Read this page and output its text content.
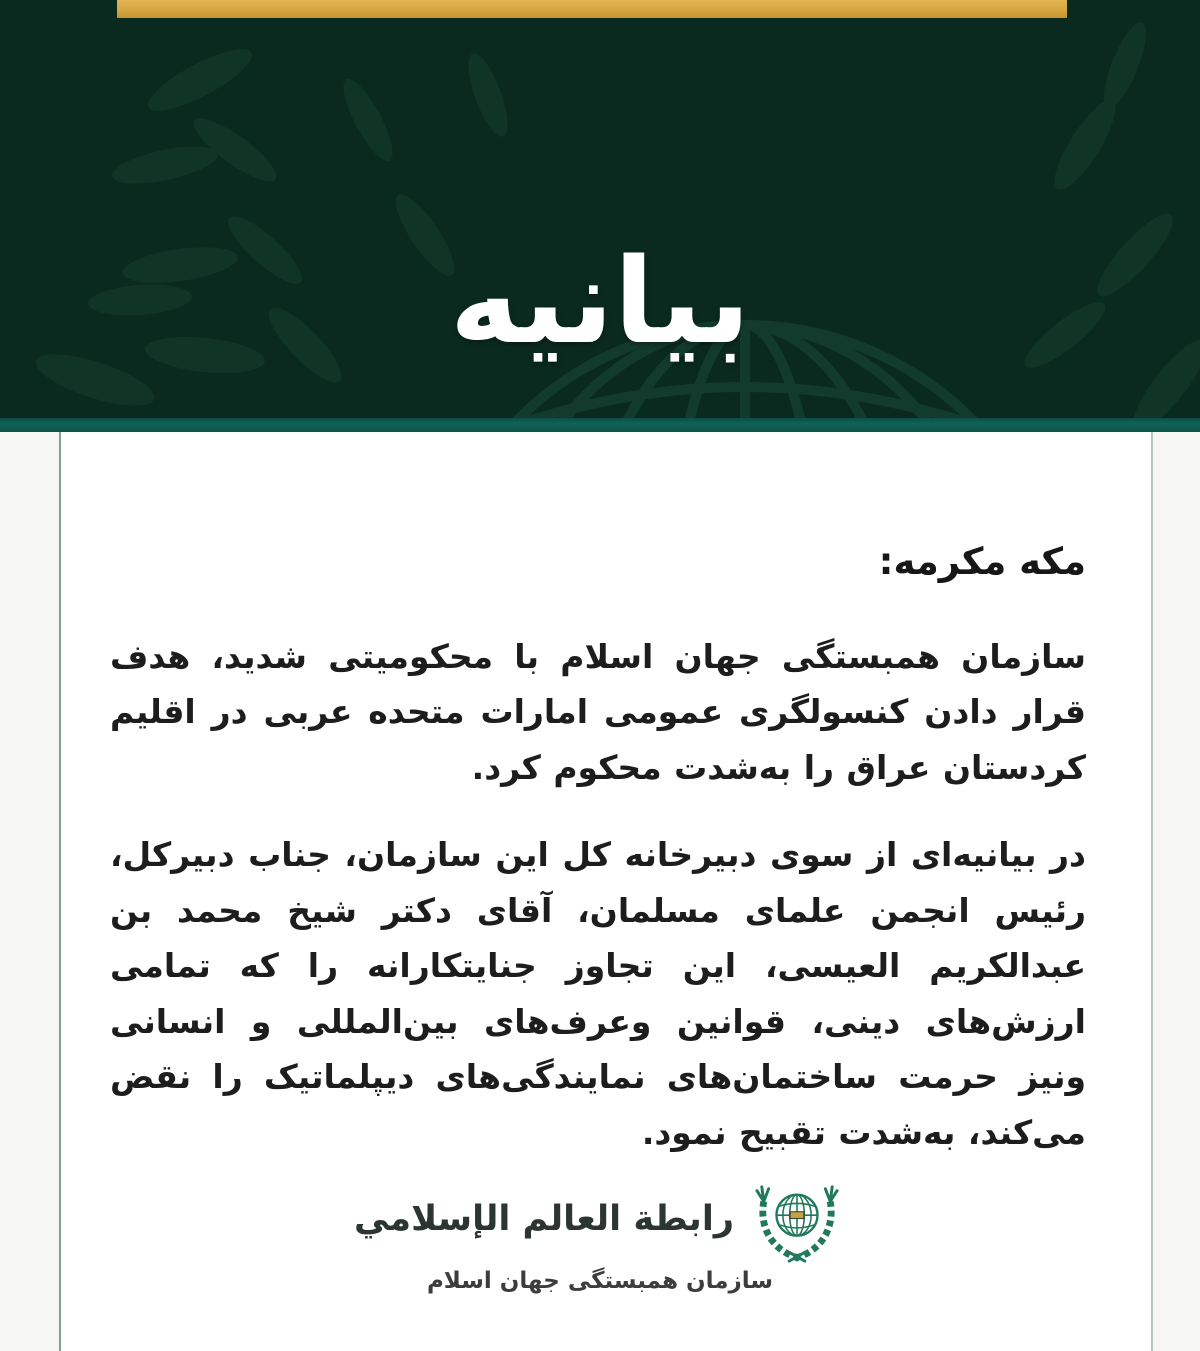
بیانیه
مکه مکرمه:

سازمان همبستگی جهان اسلام با محکومیتی شدید، هدف قرار دادن کنسولگری عمومی امارات متحده عربی در اقلیم کردستان عراق را به‌شدت محکوم کرد.

در بیانیه‌ای از سوی دبیرخانه کل این سازمان، جناب دبیرکل، رئیس انجمن علمای مسلمان، آقای دکتر شیخ محمد بن عبدالکریم العیسی، این تجاوز جنایتکارانه را که تمامی ارزش‌های دینی، قوانین وعرف‌های بین‌المللی و انسانی ونیز حرمت ساختمان‌های نمایندگی‌های دیپلماتیک را نقض می‌کند، به‌شدت تقبیح نمود.

رابطة العالم الإسلامي
سازمان همبستگی جهان اسلام
